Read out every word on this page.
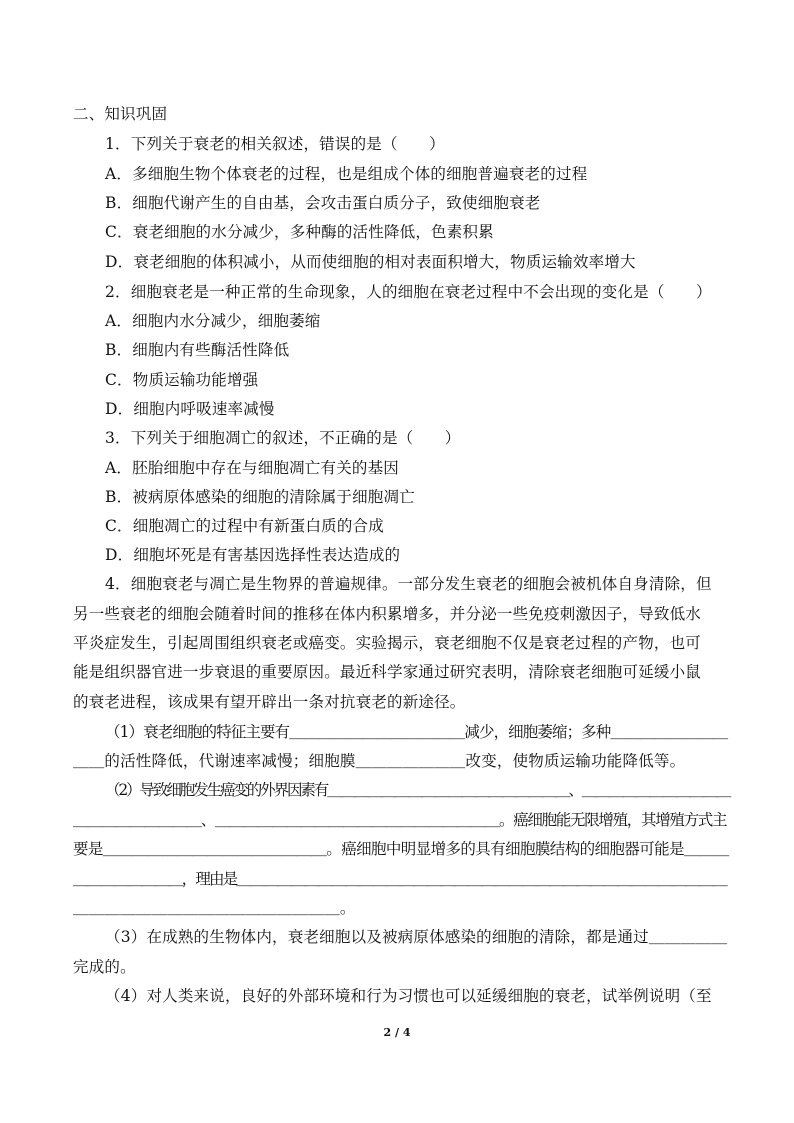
二、知识巩固
1．下列关于衰老的相关叙述，错误的是（　　）
A．多细胞生物个体衰老的过程，也是组成个体的细胞普遍衰老的过程
B．细胞代谢产生的自由基，会攻击蛋白质分子，致使细胞衰老
C．衰老细胞的水分减少，多种酶的活性降低，色素积累
D．衰老细胞的体积减小，从而使细胞的相对表面积增大，物质运输效率增大
2．细胞衰老是一种正常的生命现象，人的细胞在衰老过程中不会出现的变化是（　　）
A．细胞内水分减少，细胞萎缩
B．细胞内有些酶活性降低
C．物质运输功能增强
D．细胞内呼吸速率减慢
3．下列关于细胞凋亡的叙述，不正确的是（　　）
A．胚胎细胞中存在与细胞凋亡有关的基因
B．被病原体感染的细胞的清除属于细胞凋亡
C．细胞凋亡的过程中有新蛋白质的合成
D．细胞坏死是有害基因选择性表达造成的
4．细胞衰老与凋亡是生物界的普遍规律。一部分发生衰老的细胞会被机体自身清除，但
另一些衰老的细胞会随着时间的推移在体内积累增多，并分泌一些免疫刺激因子，导致低水
平炎症发生，引起周围组织衰老或癌变。实验揭示，衰老细胞不仅是衰老过程的产物，也可
能是组织器官进一步衰退的重要原因。最近科学家通过研究表明，清除衰老细胞可延缓小鼠
的衰老进程，该成果有望开辟出一条对抗衰老的新途径。
（1）衰老细胞的特征主要有＿＿＿＿＿＿＿＿＿＿＿＿减少，细胞萎缩；多种＿＿＿＿＿＿＿＿
＿＿的活性降低，代谢速率减慢；细胞膜＿＿＿＿＿＿＿改变，使物质运输功能降低等。
（2）导致细胞发生癌变的外界因素有＿＿＿＿＿＿＿＿＿＿＿＿＿＿＿＿＿＿、＿＿＿＿＿＿＿＿＿＿＿
＿＿＿＿＿＿＿＿＿、＿＿＿＿＿＿＿＿＿＿＿＿＿＿＿＿＿＿＿＿。癌细胞能无限增殖，其增殖方式主
要是＿＿＿＿＿＿＿＿＿＿＿＿＿＿＿。癌细胞中明显增多的具有细胞膜结构的细胞器可能是＿＿＿
＿＿＿＿＿＿＿＿，理由是＿＿＿＿＿＿＿＿＿＿＿＿＿＿＿＿＿＿＿＿＿＿＿＿＿＿＿＿＿＿＿＿＿＿＿＿
＿＿＿＿＿＿＿＿＿＿＿＿＿＿＿＿＿。
（3）在成熟的生物体内，衰老细胞以及被病原体感染的细胞的清除，都是通过＿＿＿＿＿
完成的。
（4）对人类来说，良好的外部环境和行为习惯也可以延缓细胞的衰老，试举例说明（至
2 / 4
